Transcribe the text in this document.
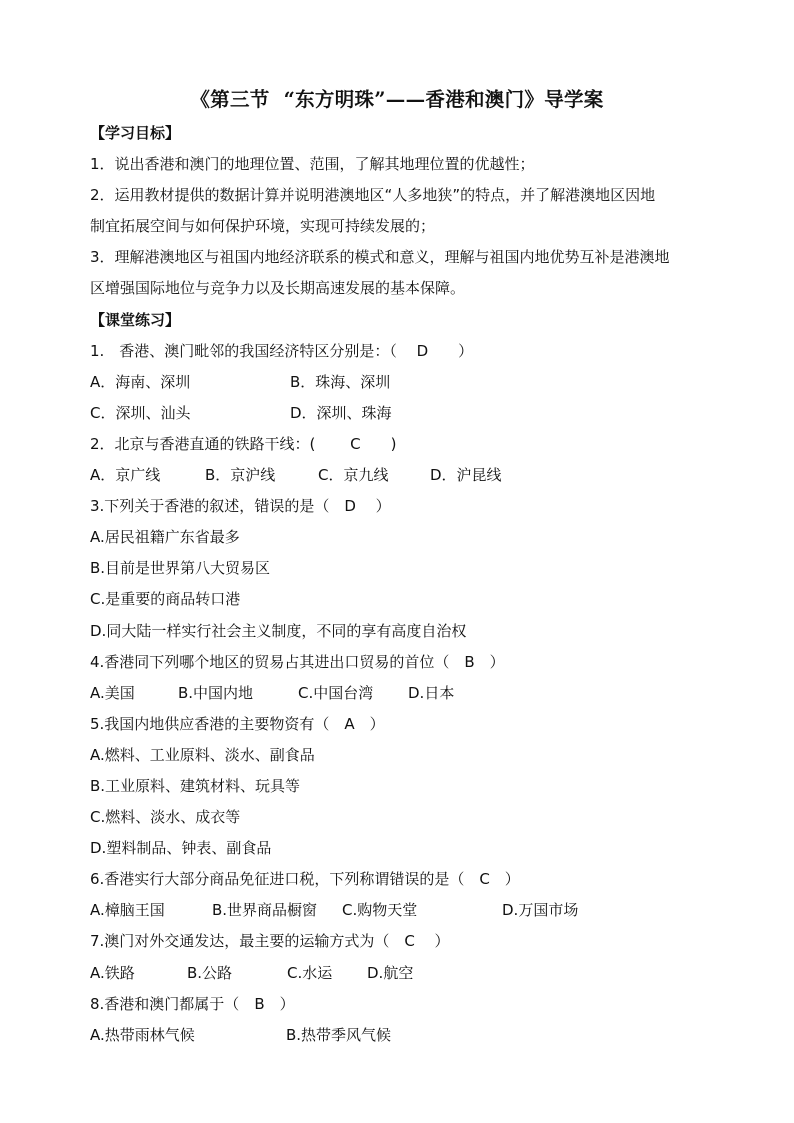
《第三节 “东方明珠”——香港和澳门》导学案
【学习目标】
1．说出香港和澳门的地理位置、范围，了解其地理位置的优越性；
2．运用教材提供的数据计算并说明港澳地区“人多地狭”的特点，并了解港澳地区因地
制宜拓展空间与如何保护环境，实现可持续发展的；
3．理解港澳地区与祖国内地经济联系的模式和意义，理解与祖国内地优势互补是港澳地
区增强国际地位与竞争力以及长期高速发展的基本保障。
【课堂练习】
1.　香港、澳门毗邻的我国经济特区分别是：（　 D　　）
A．海南、深圳	B．珠海、深圳
C．深圳、汕头	D．深圳、珠海
2．北京与香港直通的铁路干线：(　　 C　　)
A．京广线	B．京沪线	C．京九线	D．沪昆线
3.下列关于香港的叙述，错误的是（　D　 ）
A.居民祖籍广东省最多
B.目前是世界第八大贸易区
C.是重要的商品转口港
D.同大陆一样实行社会主义制度，不同的享有高度自治权
4.香港同下列哪个地区的贸易占其进出口贸易的首位（　B　）
A.美国	B.中国内地	C.中国台湾	D.日本
5.我国内地供应香港的主要物资有（　A　）
A.燃料、工业原料、淡水、副食品
B.工业原料、建筑材料、玩具等
C.燃料、淡水、成衣等
D.塑料制品、钟表、副食品
6.香港实行大部分商品免征进口税，下列称谓错误的是（　C　）
A.樟脑王国	B.世界商品橱窗	C.购物天堂	D.万国市场
7.澳门对外交通发达，最主要的运输方式为（　C　 ）
A.铁路	B.公路	C.水运	D.航空
8.香港和澳门都属于（　B　）
A.热带雨林气候	B.热带季风气候
